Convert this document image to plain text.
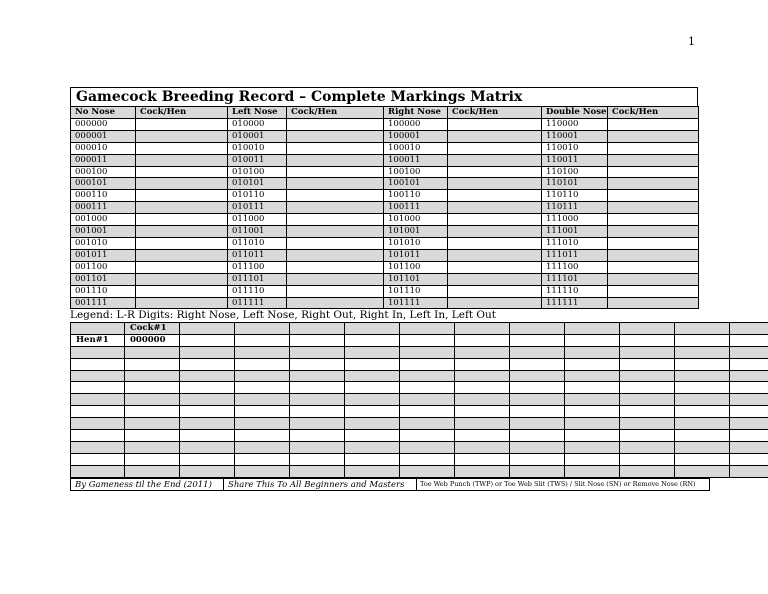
1
Gamecock Breeding Record – Complete Markings Matrix
No Nose	Cock/Hen	Left Nose	Cock/Hen	Right Nose	Cock/Hen	Double Nose	Cock/Hen
000000		010000		100000		110000	
000001		010001		100001		110001	
000010		010010		100010		110010	
000011		010011		100011		110011	
000100		010100		100100		110100	
000101		010101		100101		110101	
000110		010110		100110		110110	
000111		010111		100111		110111	
001000		011000		101000		111000	
001001		011001		101001		111001	
001010		011010		101010		111010	
001011		011011		101011		111011	
001100		011100		101100		111100	
001101		011101		101101		111101	
001110		011110		101110		111110	
001111		011111		101111		111111	
Legend: L-R Digits: Right Nose, Left Nose, Right Out, Right In, Left In, Left Out
	Cock#1											
Hen#1	000000											

By Gameness til the End (2011)	Share This To All Beginners and Masters	Toe Web Punch (TWP) or Toe Web Slit (TWS) / Slit Nose (SN) or Remove Nose (RN)
